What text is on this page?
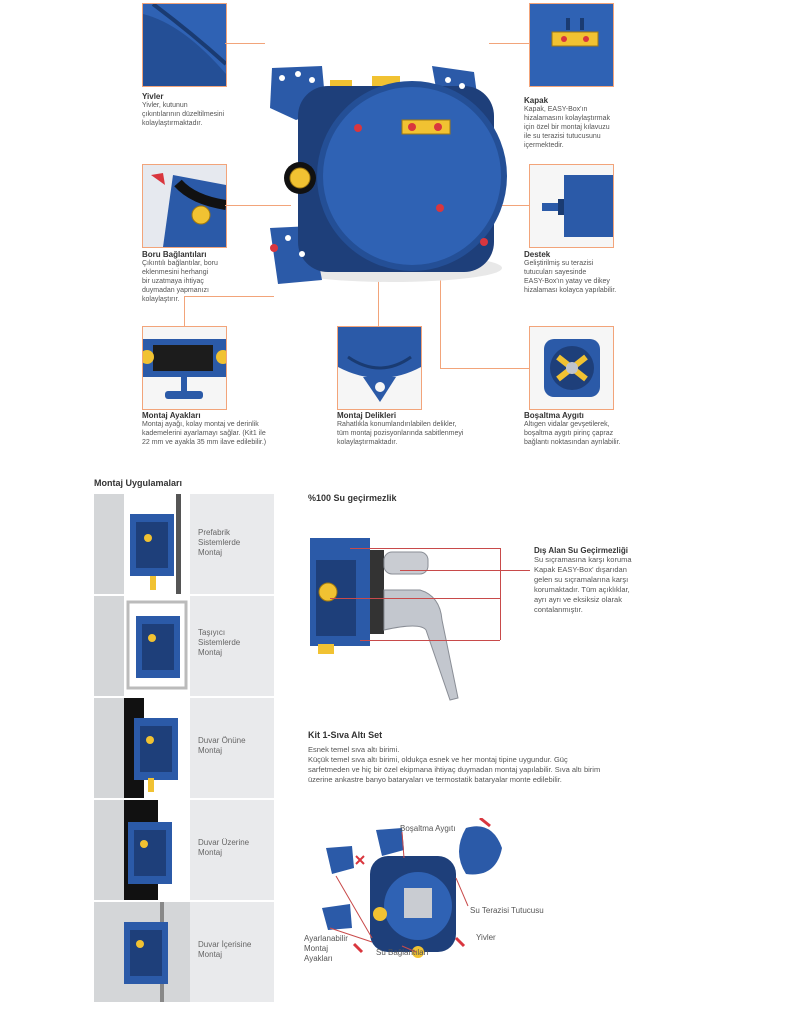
Yivler
Yivler, kutunun
çıkıntılarının düzeltilmesini
kolaylaştırmaktadır.
Boru Bağlantıları
Çıkıntılı bağlantılar, boru
eklenmesini herhangi
bir uzatmaya ihtiyaç
duymadan yapmanızı
kolaylaştırır.
Montaj Ayakları
Montaj ayağı, kolay montaj ve derinlik
kademelerini ayarlamayı sağlar. (Kit1 ile
22 mm ve ayakla 35 mm ilave edilebilir.)
Montaj Delikleri
Rahatlıkla konumlandırılabilen delikler,
tüm montaj pozisyonlarında sabitlenmeyi
kolaylaştırmaktadır.
Kapak
Kapak, EASY-Box'ın
hizalamasını kolaylaştırmak
için özel bir montaj kılavuzu
ile su terazisi tutucusunu
içermektedir.
Destek
Geliştirilmiş su terazisi
tutucuları sayesinde
EASY-Box'ın yatay ve dikey
hizalaması kolayca yapılabilir.
Boşaltma Aygıtı
Altıgen vidalar gevşetilerek,
boşaltma aygıtı pirinç çapraz
bağlantı noktasından ayrılabilir.
Montaj Uygulamaları
Prefabrik
Sistemlerde
Montaj
Taşıyıcı
Sistemlerde
Montaj
Duvar Önüne
Montaj
Duvar Üzerine
Montaj
Duvar İçerisine
Montaj
%100 Su geçirmezlik
Dış Alan Su Geçirmezliği
Su sıçramasına karşı koruma
Kapak EASY-Box' dışarıdan
gelen su sıçramalarına karşı
korumaktadır. Tüm açıklıklar,
ayrı ayrı ve eksiksiz olarak
contalanmıştır.
Kit 1-Sıva Altı Set
Esnek temel sıva altı birimi.
Küçük temel sıva altı birimi, oldukça esnek ve her montaj tipine uygundur. Güç
sarfetmeden ve hiç bir özel ekipmana ihtiyaç duymadan montaj yapılabilir. Sıva altı birim
üzerine ankastre banyo bataryaları ve termostatik bataryalar monte edilebilir.
Boşaltma Aygıtı
Su Terazisi Tutucusu
Yivler
Su Bağlantıları
Ayarlanabilir
Montaj
Ayakları
